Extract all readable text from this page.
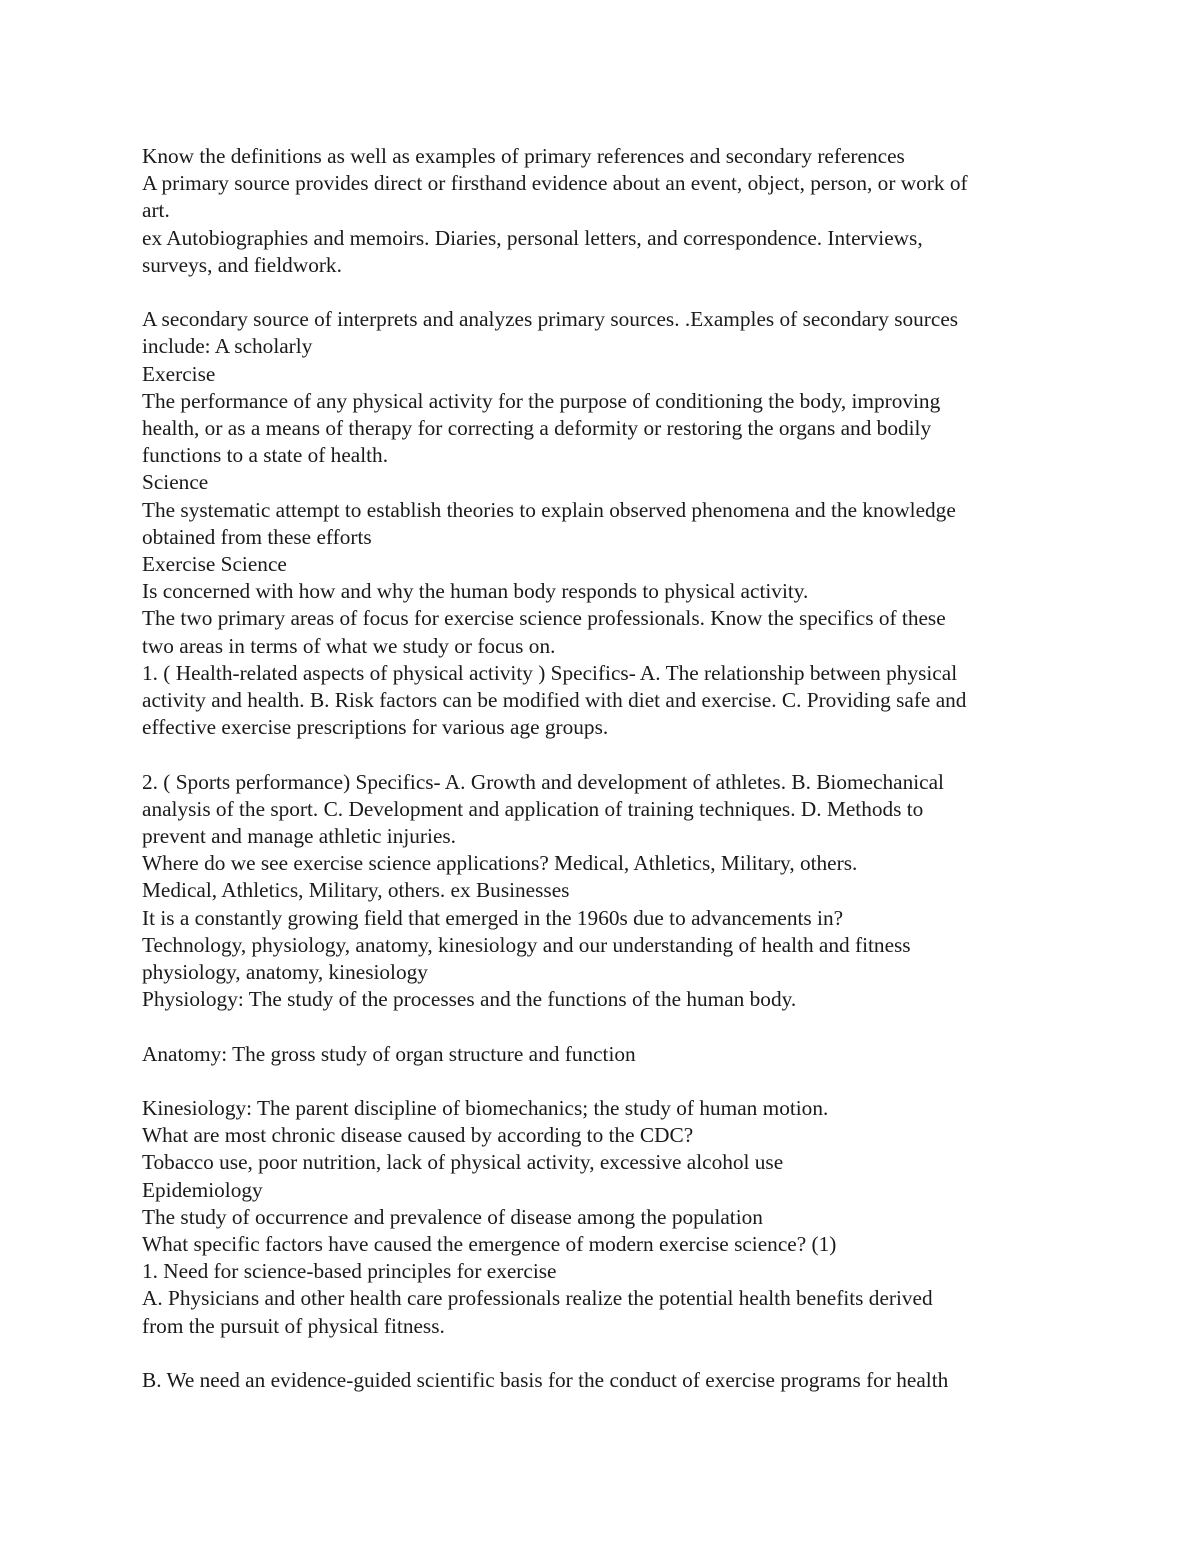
Know the definitions as well as examples of primary references and secondary references
A primary source provides direct or firsthand evidence about an event, object, person, or work of
art.
ex Autobiographies and memoirs. Diaries, personal letters, and correspondence. Interviews,
surveys, and fieldwork.
A secondary source of interprets and analyzes primary sources. .Examples of secondary sources
include: A scholarly
Exercise
The performance of any physical activity for the purpose of conditioning the body, improving
health, or as a means of therapy for correcting a deformity or restoring the organs and bodily
functions to a state of health.
Science
The systematic attempt to establish theories to explain observed phenomena and the knowledge
obtained from these efforts
Exercise Science
Is concerned with how and why the human body responds to physical activity.
The two primary areas of focus for exercise science professionals. Know the specifics of these
two areas in terms of what we study or focus on.
1. ( Health-related aspects of physical activity ) Specifics- A. The relationship between physical
activity and health. B. Risk factors can be modified with diet and exercise. C. Providing safe and
effective exercise prescriptions for various age groups.
2. ( Sports performance) Specifics- A. Growth and development of athletes. B. Biomechanical
analysis of the sport. C. Development and application of training techniques. D. Methods to
prevent and manage athletic injuries.
Where do we see exercise science applications? Medical, Athletics, Military, others.
Medical, Athletics, Military, others. ex Businesses
It is a constantly growing field that emerged in the 1960s due to advancements in?
Technology, physiology, anatomy, kinesiology and our understanding of health and fitness
physiology, anatomy, kinesiology
Physiology: The study of the processes and the functions of the human body.
Anatomy: The gross study of organ structure and function
Kinesiology: The parent discipline of biomechanics; the study of human motion.
What are most chronic disease caused by according to the CDC?
Tobacco use, poor nutrition, lack of physical activity, excessive alcohol use
Epidemiology
The study of occurrence and prevalence of disease among the population
What specific factors have caused the emergence of modern exercise science? (1)
1. Need for science-based principles for exercise
A. Physicians and other health care professionals realize the potential health benefits derived
from the pursuit of physical fitness.
B. We need an evidence-guided scientific basis for the conduct of exercise programs for health
